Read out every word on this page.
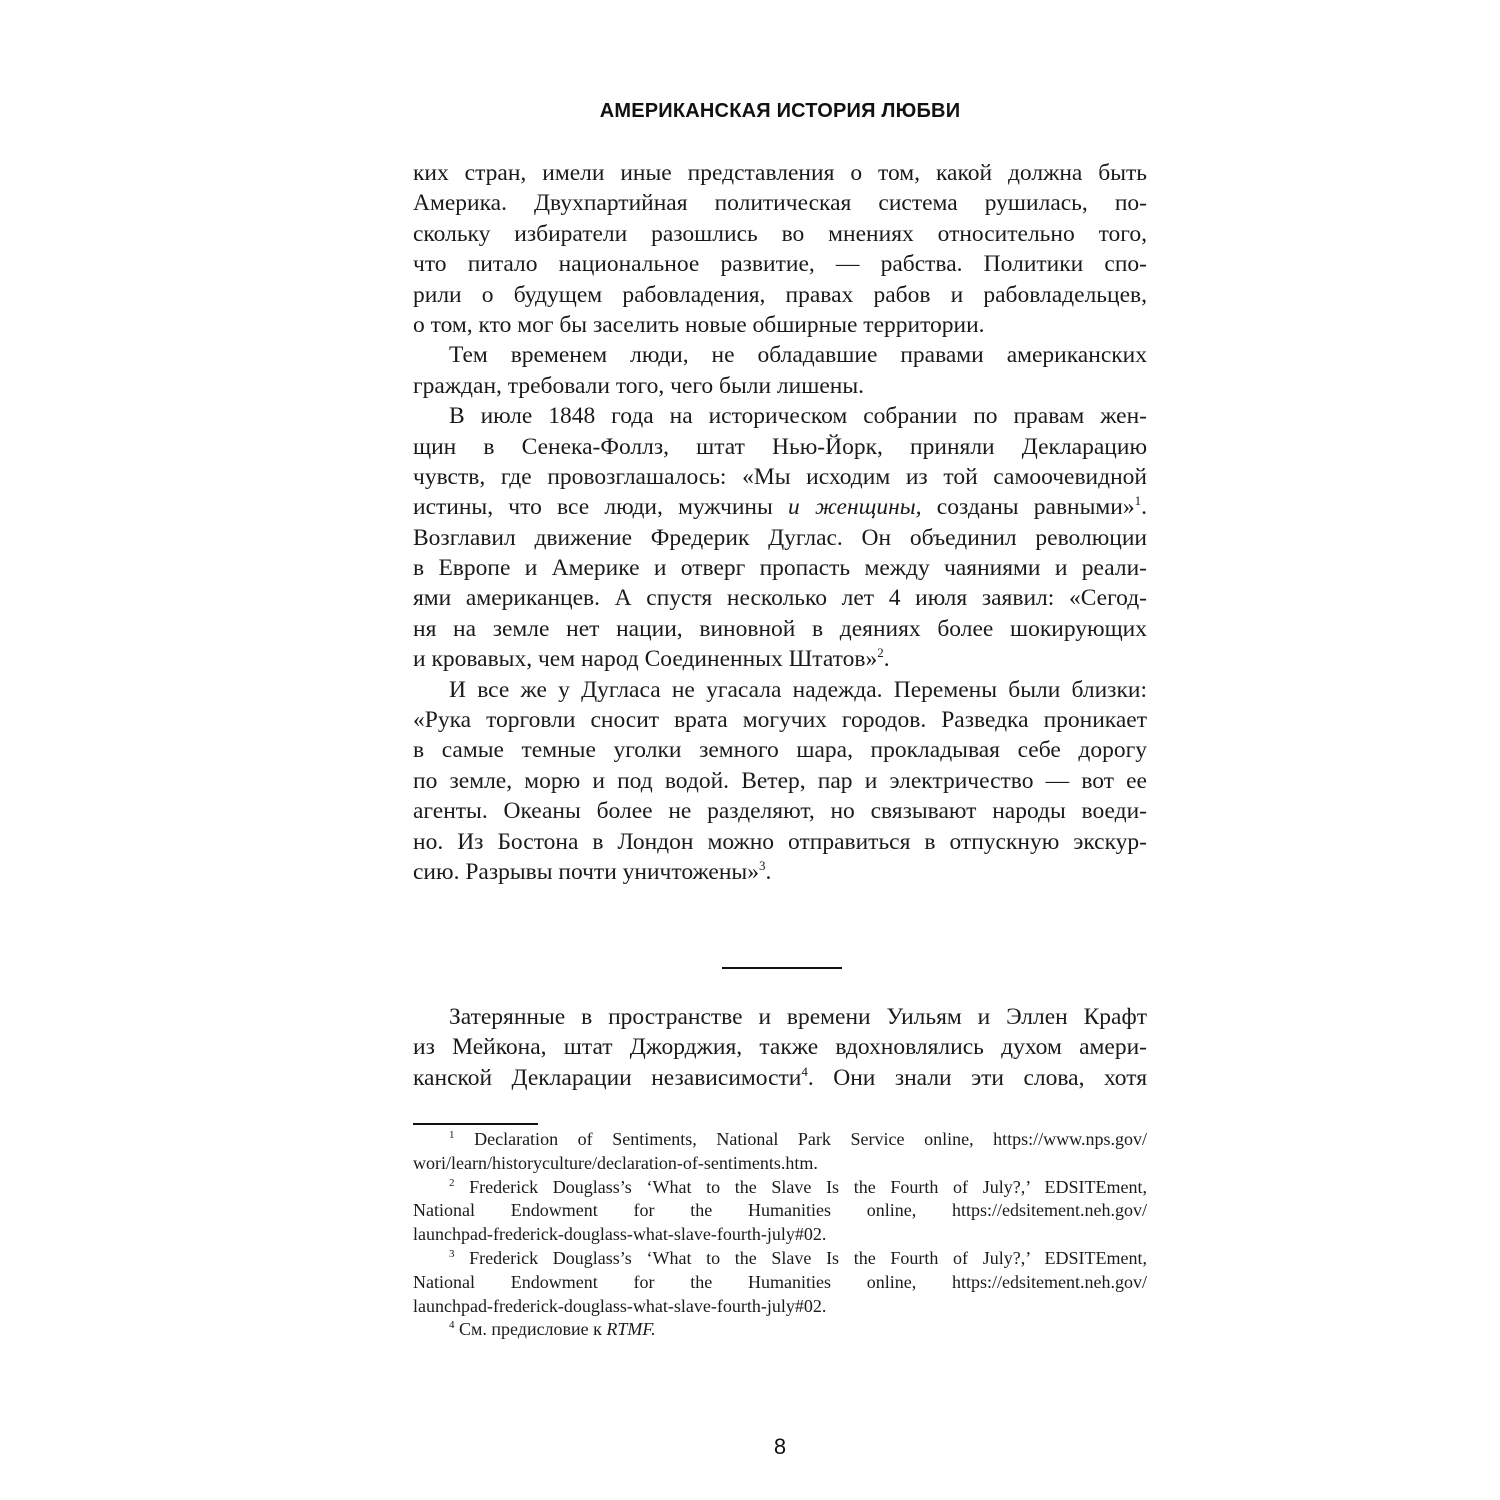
АМЕРИКАНСКАЯ ИСТОРИЯ ЛЮБВИ
ких стран, имели иные представления о том, какой должна быть
Америка. Двухпартийная политическая система рушилась, по-
скольку избиратели разошлись во мнениях относительно того,
что питало национальное развитие, — рабства. Политики спо-
рили о будущем рабовладения, правах рабов и рабовладельцев,
о том, кто мог бы заселить новые обширные территории.
Тем временем люди, не обладавшие правами американских
граждан, требовали того, чего были лишены.
В июле 1848 года на историческом собрании по правам жен-
щин в Сенека-Фоллз, штат Нью-Йорк, приняли Декларацию
чувств, где провозглашалось: «Мы исходим из той самоочевидной
истины, что все люди, мужчины и женщины, созданы равными»$^1$.
Возглавил движение Фредерик Дуглас. Он объединил революции
в Европе и Америке и отверг пропасть между чаяниями и реали-
ями американцев. А спустя несколько лет 4 июля заявил: «Сегод-
ня на земле нет нации, виновной в деяниях более шокирующих
и кровавых, чем народ Соединенных Штатов»$^2$.
И все же у Дугласа не угасала надежда. Перемены были близки:
«Рука торговли сносит врата могучих городов. Разведка проникает
в самые темные уголки земного шара, прокладывая себе дорогу
по земле, морю и под водой. Ветер, пар и электричество — вот ее
агенты. Океаны более не разделяют, но связывают народы воеди-
но. Из Бостона в Лондон можно отправиться в отпускную экскур-
сию. Разрывы почти уничтожены»$^3$.
Затерянные в пространстве и времени Уильям и Эллен Крафт
из Мейкона, штат Джорджия, также вдохновлялись духом амери-
канской Декларации независимости$^4$. Они знали эти слова, хотя
$^1$ Declaration of Sentiments, National Park Service online, https://www.nps.gov/
wori/learn/historyculture/declaration-of-sentiments.htm.
$^2$ Frederick Douglass’s ‘What to the Slave Is the Fourth of July?,’ EDSITEment,
National Endowment for the Humanities online, https://edsitement.neh.gov/
launchpad-frederick-douglass-what-slave-fourth-july#02.
$^3$ Frederick Douglass’s ‘What to the Slave Is the Fourth of July?,’ EDSITEment,
National Endowment for the Humanities online, https://edsitement.neh.gov/
launchpad-frederick-douglass-what-slave-fourth-july#02.
$^4$ См. предисловие к RTMF.
8
